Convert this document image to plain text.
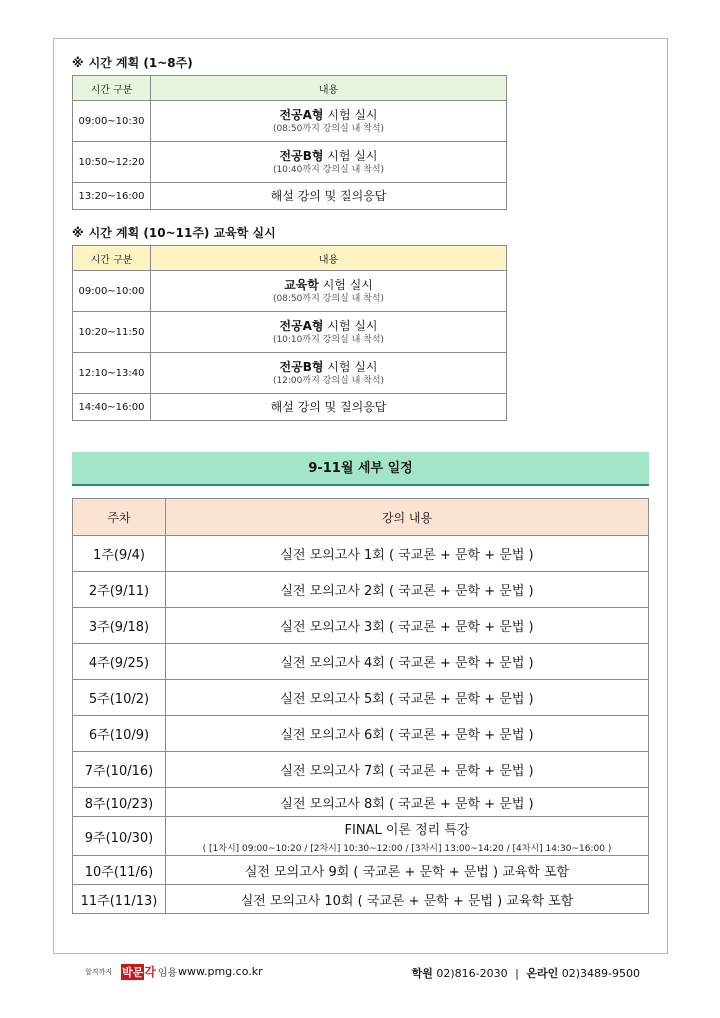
※ 시간 계획 (1~8주)
시간 구분	내용
09:00~10:30	전공A형 시험 실시
(08:50까지 강의실 내 착석)

10:50~12:20	전공B형 시험 실시
(10:40까지 강의실 내 착석)

13:20~16:00	해설 강의 및 질의응답
※ 시간 계획 (10~11주) 교육학 실시
시간 구분	내용
09:00~10:00	교육학 시험 실시
(08:50까지 강의실 내 착석)

10:20~11:50	전공A형 시험 실시
(10:10까지 강의실 내 착석)

12:10~13:40	전공B형 시험 실시
(12:00까지 강의실 내 착석)

14:40~16:00	해설 강의 및 질의응답
9-11월 세부 일정
주차	강의 내용
1주(9/4)	실전 모의고사 1회 ( 국교론 + 문학 + 문법 )
2주(9/11)	실전 모의고사 2회 ( 국교론 + 문학 + 문법 )
3주(9/18)	실전 모의고사 3회 ( 국교론 + 문학 + 문법 )
4주(9/25)	실전 모의고사 4회 ( 국교론 + 문학 + 문법 )
5주(10/2)	실전 모의고사 5회 ( 국교론 + 문학 + 문법 )
6주(10/9)	실전 모의고사 6회 ( 국교론 + 문학 + 문법 )
7주(10/16)	실전 모의고사 7회 ( 국교론 + 문학 + 문법 )
8주(10/23)	실전 모의고사 8회 ( 국교론 + 문학 + 문법 )
9주(10/30)	FINAL 이론 정리 특강
( [1차시] 09:00~10:20 / [2차시] 10:30~12:00 / [3차시] 13:00~14:20 / [4차시] 14:30~16:00 )

10주(11/6)	실전 모의고사 9회 ( 국교론 + 문학 + 문법 ) 교육학 포함
11주(11/13)	실전 모의고사 10회 ( 국교론 + 문학 + 문법 ) 교육학 포함
합격까지 박문각 임용 www.pmg.co.kr	학원 02)816-2030 | 온라인 02)3489-9500
